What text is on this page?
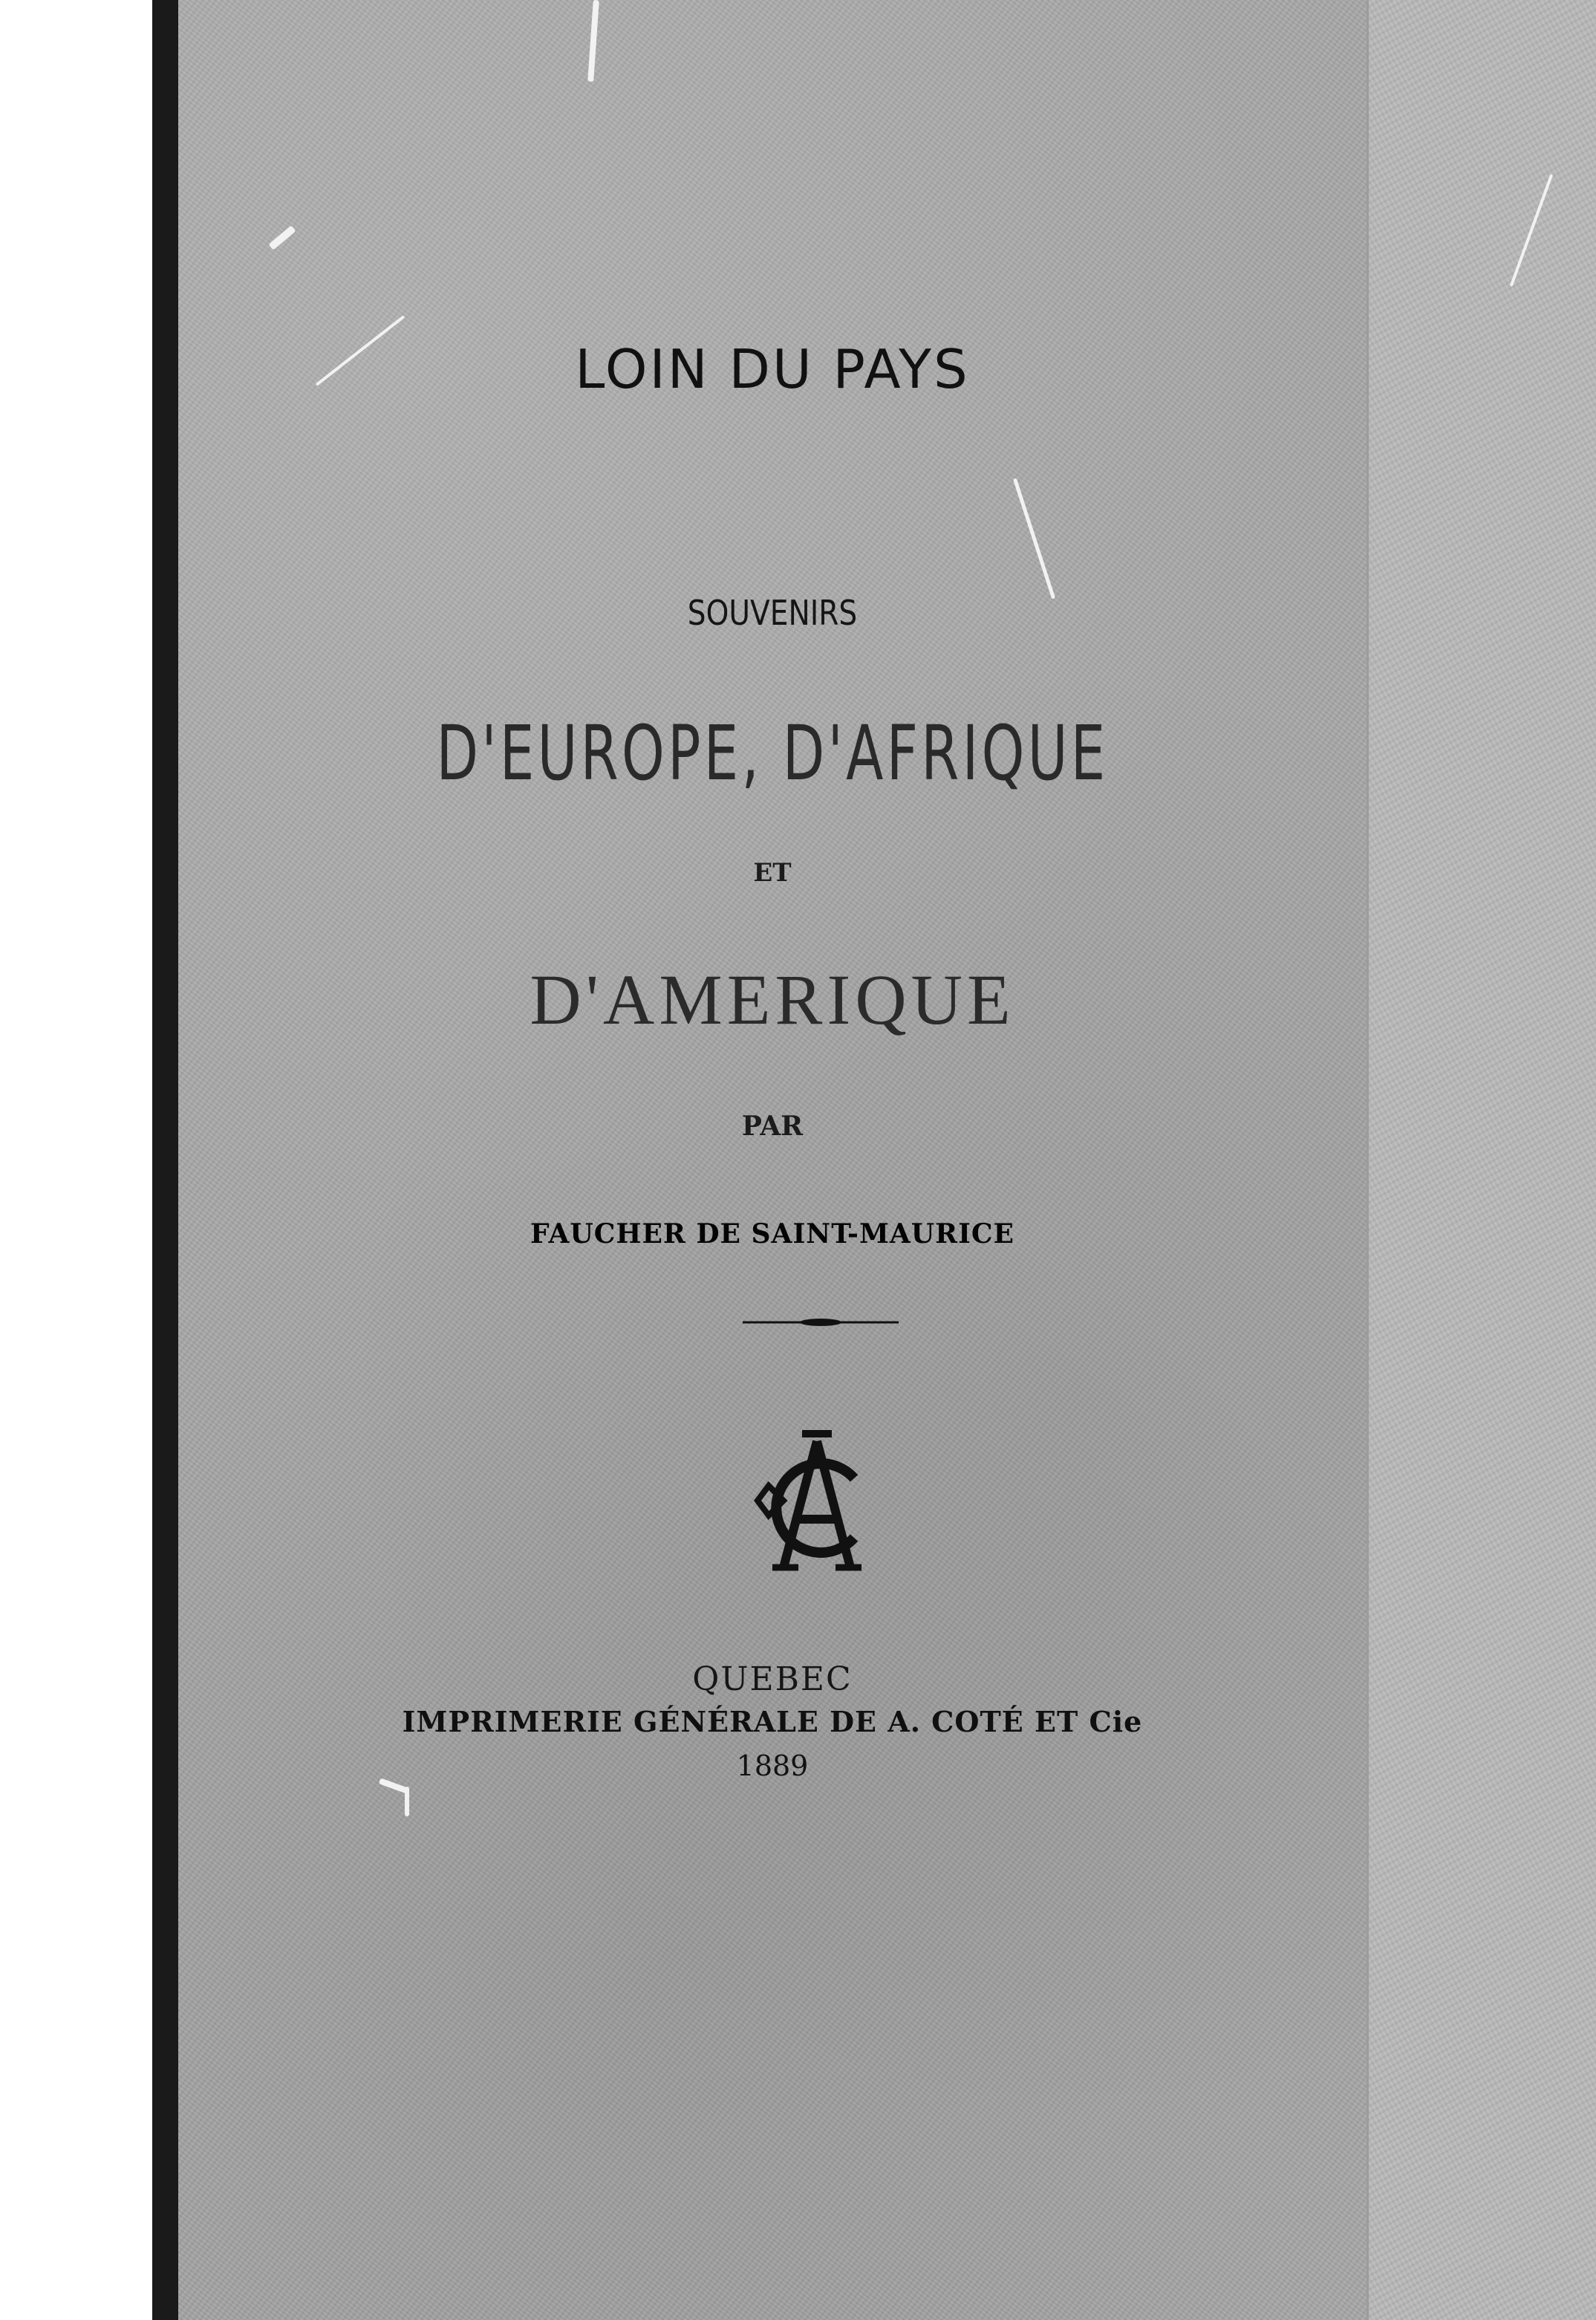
LOIN DU PAYS
SOUVENIRS
D'EUROPE, D'AFRIQUE
ET
D'AMERIQUE
PAR
FAUCHER DE SAINT-MAURICE
QUEBEC
IMPRIMERIE GÉNÉRALE DE A. COTÉ ET Cie
1889
